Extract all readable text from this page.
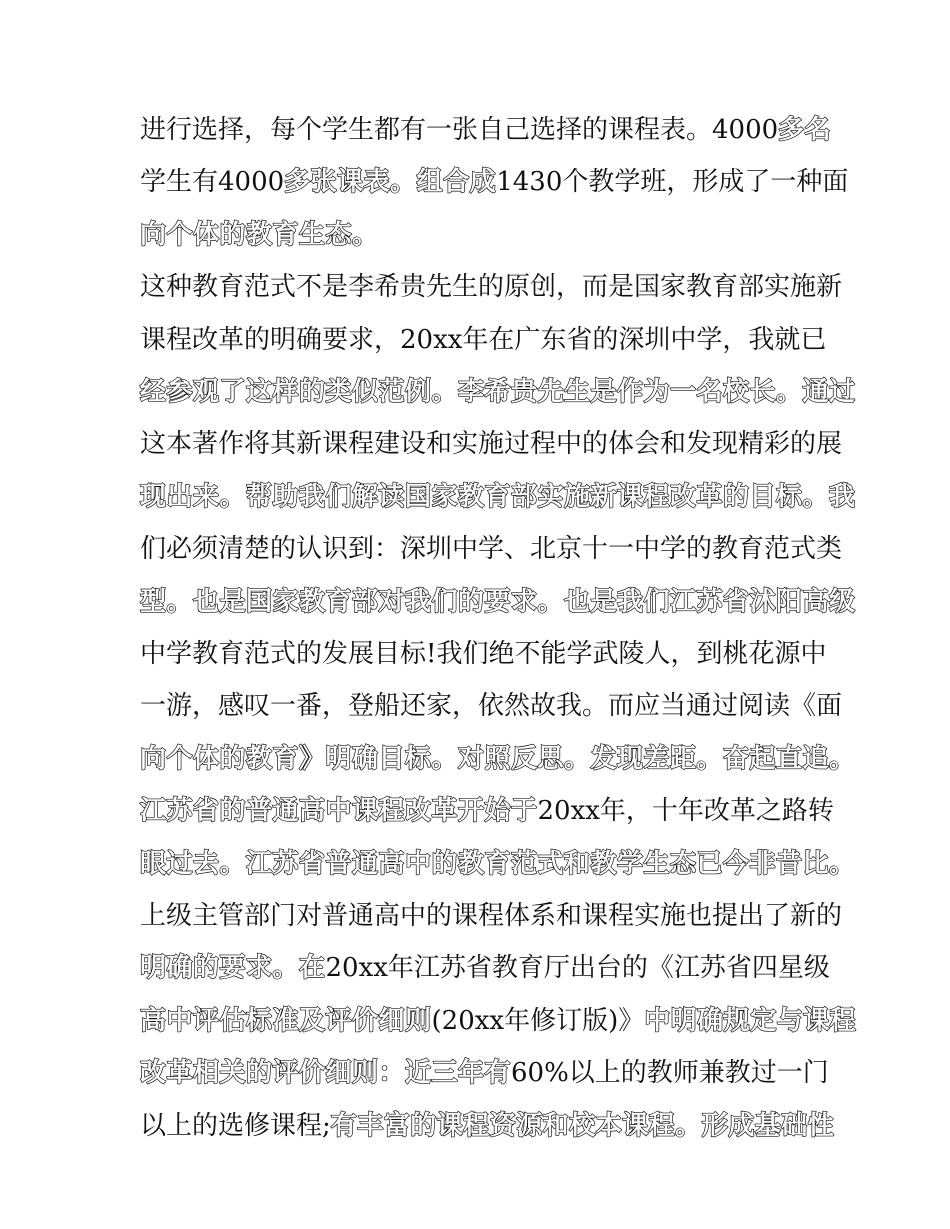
进行选择，每个学生都有一张自己选择的课程表。4000多名
学生有4000多张课表。组合成1430个教学班，形成了一种面
向个体的教育生态。
这种教育范式不是李希贵先生的原创，而是国家教育部实施新
课程改革的明确要求，20xx年在广东省的深圳中学，我就已
经参观了这样的类似范例。李希贵先生是作为一名校长。通过
这本著作将其新课程建设和实施过程中的体会和发现精彩的展
现出来。帮助我们解读国家教育部实施新课程改革的目标。我
们必须清楚的认识到：深圳中学、北京十一中学的教育范式类
型。也是国家教育部对我们的要求。也是我们江苏省沭阳高级
中学教育范式的发展目标!我们绝不能学武陵人，到桃花源中
一游，感叹一番，登船还家，依然故我。而应当通过阅读《面
向个体的教育》明确目标。对照反思。发现差距。奋起直追。
江苏省的普通高中课程改革开始于20xx年，十年改革之路转
眼过去。江苏省普通高中的教育范式和教学生态已今非昔比。
上级主管部门对普通高中的课程体系和课程实施也提出了新的
明确的要求。在20xx年江苏省教育厅出台的《江苏省四星级
高中评估标准及评价细则(20xx年修订版)》中明确规定与课程
改革相关的评价细则：近三年有60%以上的教师兼教过一门
以上的选修课程;有丰富的课程资源和校本课程。形成基础性
